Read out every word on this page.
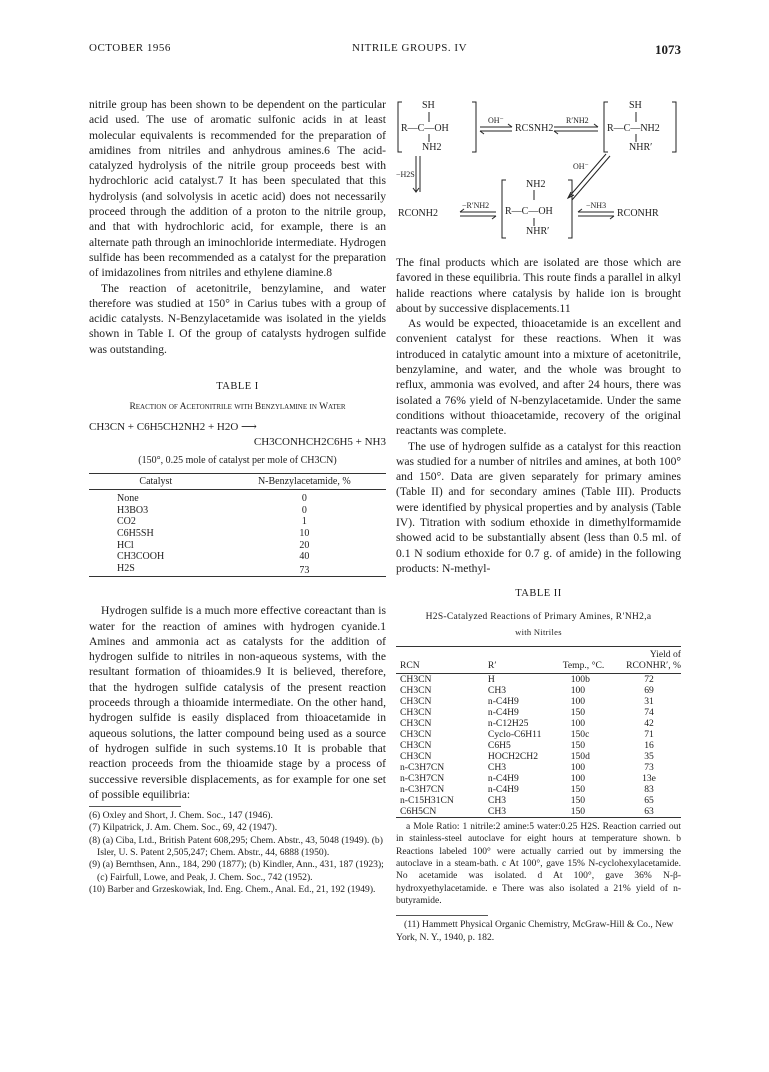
OCTOBER 1956	NITRILE GROUPS. IV	1073

nitrile group has been shown to be dependent on the particular acid used. The use of aromatic sulfonic acids in at least molecular equivalents is recommended for the preparation of amidines from nitriles and anhydrous amines.6 The acid-catalyzed hydrolysis of the nitrile group proceeds best with hydrochloric acid catalyst.7 It has been speculated that this hydrolysis (and solvolysis in acetic acid) does not necessarily proceed through the addition of a proton to the nitrile group, and that with hydrochloric acid, for example, there is an alternate path through an iminochloride intermediate. Hydrogen sulfide has been recommended as a catalyst for the preparation of imidazolines from nitriles and ethylene diamine.8

The reaction of acetonitrile, benzylamine, and water therefore was studied at 150° in Carius tubes with a group of acidic catalysts. N-Benzylacetamide was isolated in the yields shown in Table I. Of the group of catalysts hydrogen sulfide was outstanding.

TABLE I

Reaction of Acetonitrile with Benzylamine in Water
CH3CN + C6H5CH2NH2 + H2O ⟶
CH3CONHCH2C6H5 + NH3
(150°, 0.25 mole of catalyst per mole of CH3CN)
Catalyst	N-Benzylacetamide, %
None	0
H3BO3	0
CO2	1
C6H5SH	10
HCl	20
CH3COOH	40
H2S	73

Hydrogen sulfide is a much more effective coreactant than is water for the reaction of amines with hydrogen cyanide.1 Amines and ammonia act as catalysts for the addition of hydrogen sulfide to nitriles in non-aqueous systems, with the resultant formation of thioamides.9 It is believed, therefore, that the hydrogen sulfide catalysis of the present reaction proceeds through a thioamide intermediate. On the other hand, hydrogen sulfide is easily displaced from thioacetamide in aqueous solutions, the latter compound being used as a source of hydrogen sulfide in such systems.10 It is probable that reaction proceeds from the thioamide stage by a process of successive reversible displacements, as for example for one set of possible equilibria:

(6) Oxley and Short, J. Chem. Soc., 147 (1946).

(7) Kilpatrick, J. Am. Chem. Soc., 69, 42 (1947).

(8) (a) Ciba, Ltd., British Patent 608,295; Chem. Abstr., 43, 5048 (1949). (b) Isler, U. S. Patent 2,505,247; Chem. Abstr., 44, 6888 (1950).

(9) (a) Bernthsen, Ann., 184, 290 (1877); (b) Kindler, Ann., 431, 187 (1923); (c) Fairfull, Lowe, and Peak, J. Chem. Soc., 742 (1952).

(10) Barber and Grzeskowiak, Ind. Eng. Chem., Anal. Ed., 21, 192 (1949).

SH
R—C—OH
NH2
OH⁻
RCSNH2
R′NH2
SH
R—C—NH2
NHR′
OH⁻
−H2S
RCONH2
−R′NH2
NH2
R—C—OH
NHR′
−NH3
RCONHR

The final products which are isolated are those which are favored in these equilibria. This route finds a parallel in alkyl halide reactions where catalysis by halide ion is brought about by successive displacements.11

As would be expected, thioacetamide is an excellent and convenient catalyst for these reactions. When it was introduced in catalytic amount into a mixture of acetonitrile, benzylamine, and water, and the whole was brought to reflux, ammonia was evolved, and after 24 hours, there was isolated a 76% yield of N-benzylacetamide. Under the same conditions without thioacetamide, recovery of the original reactants was complete.

The use of hydrogen sulfide as a catalyst for this reaction was studied for a number of nitriles and amines, at both 100° and 150°. Data are given separately for primary amines (Table II) and for secondary amines (Table III). Products were identified by physical properties and by analysis (Table IV). Titration with sodium ethoxide in dimethylformamide showed acid to be substantially absent (less than 0.5 ml. of 0.1 N sodium ethoxide for 0.7 g. of amide) in the following products: N-methyl-

TABLE II

H2S-Catalyzed Reactions of Primary Amines, R′NH2,a
with Nitriles
RCN	R′	Temp., °C.	Yield of RCONHR′, %
CH3CN	H	100b	72
CH3CN	CH3	100	69
CH3CN	n-C4H9	100	31
CH3CN	n-C4H9	150	74
CH3CN	n-C12H25	100	42
CH3CN	Cyclo-C6H11	150c	71
CH3CN	C6H5	150	16
CH3CN	HOCH2CH2	150d	35
n-C3H7CN	CH3	100	73
n-C3H7CN	n-C4H9	100	13e
n-C3H7CN	n-C4H9	150	83
n-C15H31CN	CH3	150	65
C6H5CN	CH3	150	63
a Mole Ratio: 1 nitrile:2 amine:5 water:0.25 H2S. Reaction carried out in stainless-steel autoclave for eight hours at temperature shown. b Reactions labeled 100° were actually carried out by immersing the autoclave in a steam-bath. c At 100°, gave 15% N-cyclohexylacetamide. No acetamide was isolated. d At 100°, gave 36% N-β-hydroxyethylacetamide. e There was also isolated a 21% yield of n-butyramide.
(11) Hammett Physical Organic Chemistry, McGraw-Hill & Co., New York, N. Y., 1940, p. 182.
